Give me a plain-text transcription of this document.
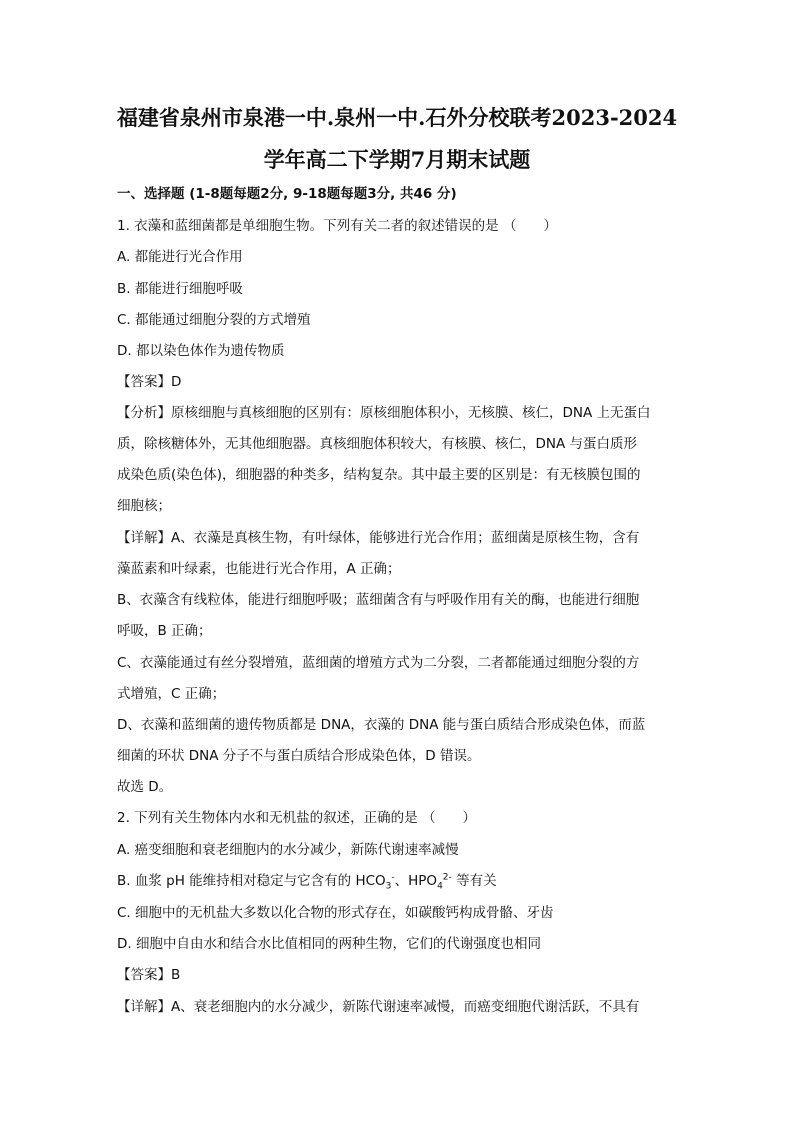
福建省泉州市泉港一中.泉州一中.石外分校联考2023-2024
学年高二下学期7月期末试题
一、选择题 (1-8题每题2分, 9-18题每题3分, 共46 分)
1. 衣藻和蓝细菌都是单细胞生物。下列有关二者的叙述错误的是 （　　）
A. 都能进行光合作用
B. 都能进行细胞呼吸
C. 都能通过细胞分裂的方式增殖
D. 都以染色体作为遗传物质
【答案】D
【分析】原核细胞与真核细胞的区别有：原核细胞体积小，无核膜、核仁，DNA 上无蛋白
质，除核糖体外，无其他细胞器。真核细胞体积较大，有核膜、核仁，DNA 与蛋白质形
成染色质(染色体)，细胞器的种类多，结构复杂。其中最主要的区别是：有无核膜包围的
细胞核；
【详解】A、衣藻是真核生物，有叶绿体，能够进行光合作用；蓝细菌是原核生物，含有
藻蓝素和叶绿素，也能进行光合作用，A 正确；
B、衣藻含有线粒体，能进行细胞呼吸；蓝细菌含有与呼吸作用有关的酶，也能进行细胞
呼吸，B 正确；
C、衣藻能通过有丝分裂增殖，蓝细菌的增殖方式为二分裂，二者都能通过细胞分裂的方
式增殖，C 正确；
D、衣藻和蓝细菌的遗传物质都是 DNA，衣藻的 DNA 能与蛋白质结合形成染色体，而蓝
细菌的环状 DNA 分子不与蛋白质结合形成染色体，D 错误。
故选 D。
2. 下列有关生物体内水和无机盐的叙述，正确的是 （　　）
A. 癌变细胞和衰老细胞内的水分减少，新陈代谢速率减慢
B. 血浆 pH 能维持相对稳定与它含有的 $HCO_3^-$、$HPO_4^{2-}$ 等有关
C. 细胞中的无机盐大多数以化合物的形式存在，如碳酸钙构成骨骼、牙齿
D. 细胞中自由水和结合水比值相同的两种生物，它们的代谢强度也相同
【答案】B
【详解】A、衰老细胞内的水分减少，新陈代谢速率减慢，而癌变细胞代谢活跃，不具有
